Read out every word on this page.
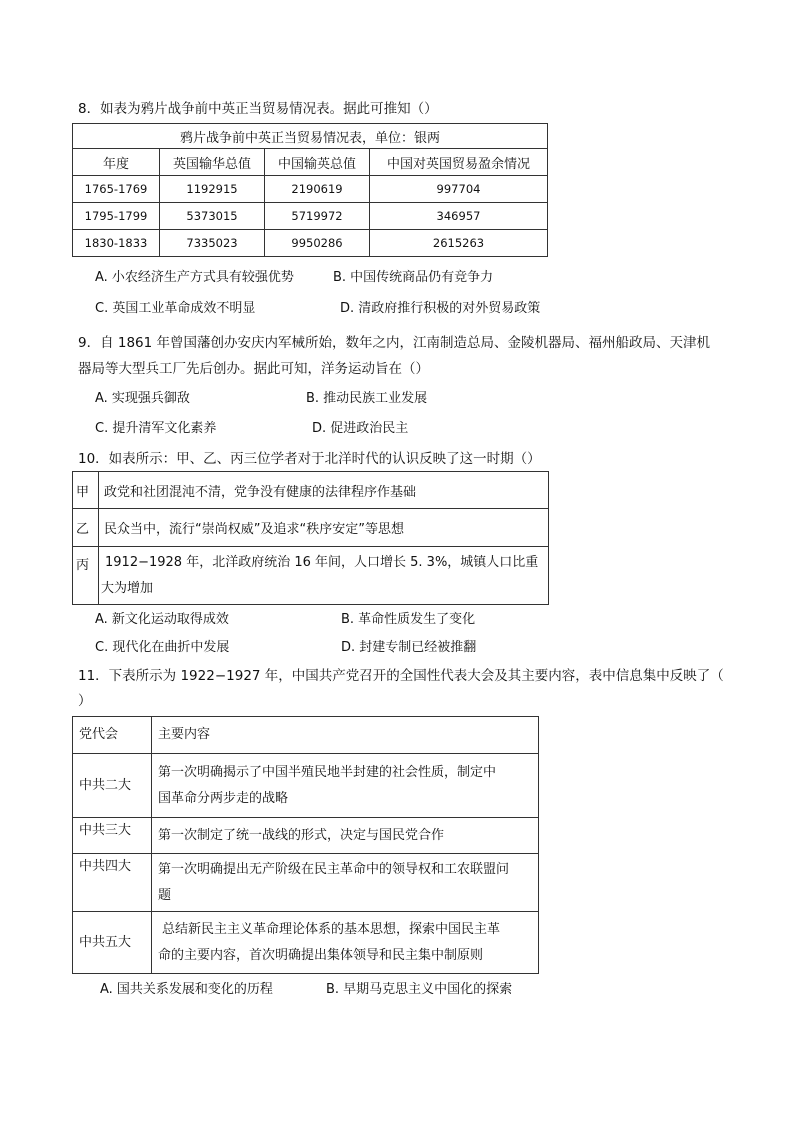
8．如表为鸦片战争前中英正当贸易情况表。据此可推知（）
鸦片战争前中英正当贸易情况表，单位：银两			
年度	英国输华总值	中国输英总值	中国对英国贸易盈余情况
1765-1769	1192915	2190619	997704
1795-1799	5373015	5719972	346957
1830-1833	7335023	9950286	2615263
A. 小农经济生产方式具有较强优势	B. 中国传统商品仍有竞争力
C. 英国工业革命成效不明显	D. 清政府推行积极的对外贸易政策
9．自 1861 年曾国藩创办安庆内军械所始，数年之内，江南制造总局、金陵机器局、福州船政局、天津机
器局等大型兵工厂先后创办。据此可知，洋务运动旨在（）
A. 实现强兵御敌	B. 推动民族工业发展
C. 提升清军文化素养	D. 促进政治民主
10．如表所示：甲、乙、丙三位学者对于北洋时代的认识反映了这一时期（）
甲	政党和社团混沌不清，党争没有健康的法律程序作基础
乙	民众当中，流行“崇尚权威”及追求“秩序安定”等思想
丙	1912−1928 年，北洋政府统治 16 年间，人口增长 5. 3%，城镇人口比重
大为增加
A. 新文化运动取得成效	B. 革命性质发生了变化
C. 现代化在曲折中发展	D. 封建专制已经被推翻
11．下表所示为 1922−1927 年，中国共产党召开的全国性代表大会及其主要内容，表中信息集中反映了（
）
党代会	主要内容
中共二大	第一次明确揭示了中国半殖民地半封建的社会性质，制定中
国革命分两步走的战略
中共三大	第一次制定了统一战线的形式，决定与国民党合作
中共四大	第一次明确提出无产阶级在民主革命中的领导权和工农联盟问
题
中共五大	总结新民主主义革命理论体系的基本思想，探索中国民主革
命的主要内容，首次明确提出集体领导和民主集中制原则
A. 国共关系发展和变化的历程	B. 早期马克思主义中国化的探索
